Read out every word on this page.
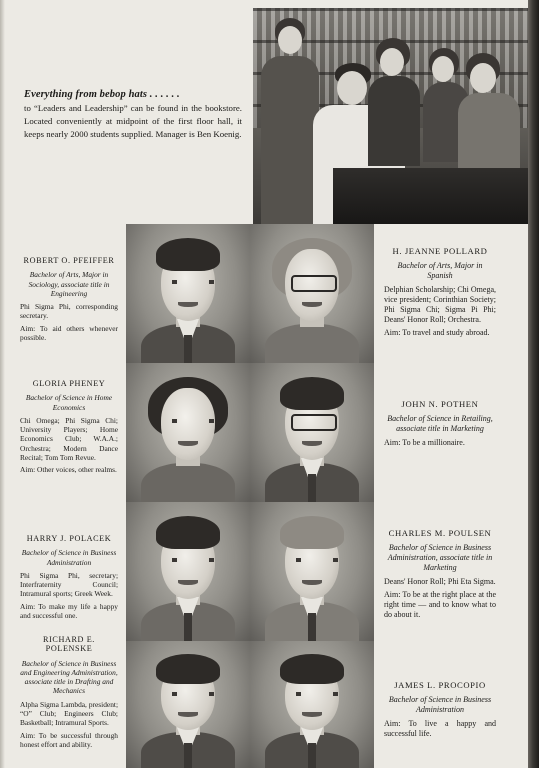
Everything from bebop hats . . . . . .
to “Leaders and Leadership” can be found in the bookstore. Located conveniently at midpoint of the first floor hall, it keeps nearly 2000 students supplied. Manager is Ben Koenig.
ROBERT O. PFEIFFER
Bachelor of Arts, Major in Sociology, associate title in Engineering
Phi Sigma Phi, corresponding secretary.
Aim: To aid others whenever possible.
GLORIA PHENEY
Bachelor of Science in Home Economics
Chi Omega; Phi Sigma Chi; University Players; Home Economics Club; W.A.A.; Orchestra; Modern Dance Recital; Tom Tom Revue.
Aim: Other voices, other realms.
HARRY J. POLACEK
Bachelor of Science in Business Administration
Phi Sigma Phi, secretary; Interfraternity Council; Intramural sports; Greek Week.
Aim: To make my life a happy and successful one.
RICHARD E. POLENSKE
Bachelor of Science in Business and Engineering Administration, associate title in Drafting and Mechanics
Alpha Sigma Lambda, president; “O” Club; Engineers Club; Basketball; Intramural Sports.
Aim: To be successful through honest effort and ability.
H. JEANNE POLLARD
Bachelor of Arts, Major in Spanish
Delphian Scholarship; Chi Omega, vice president; Corinthian Society; Phi Sigma Chi; Sigma Pi Phi; Deans' Honor Roll; Orchestra.
Aim: To travel and study abroad.
JOHN N. POTHEN
Bachelor of Science in Retailing, associate title in Marketing
Aim: To be a millionaire.
CHARLES M. POULSEN
Bachelor of Science in Business Administration, associate title in Marketing
Deans' Honor Roll; Phi Eta Sigma.
Aim: To be at the right place at the right time — and to know what to do about it.
JAMES L. PROCOPIO
Bachelor of Science in Business Administration
Aim: To live a happy and successful life.
